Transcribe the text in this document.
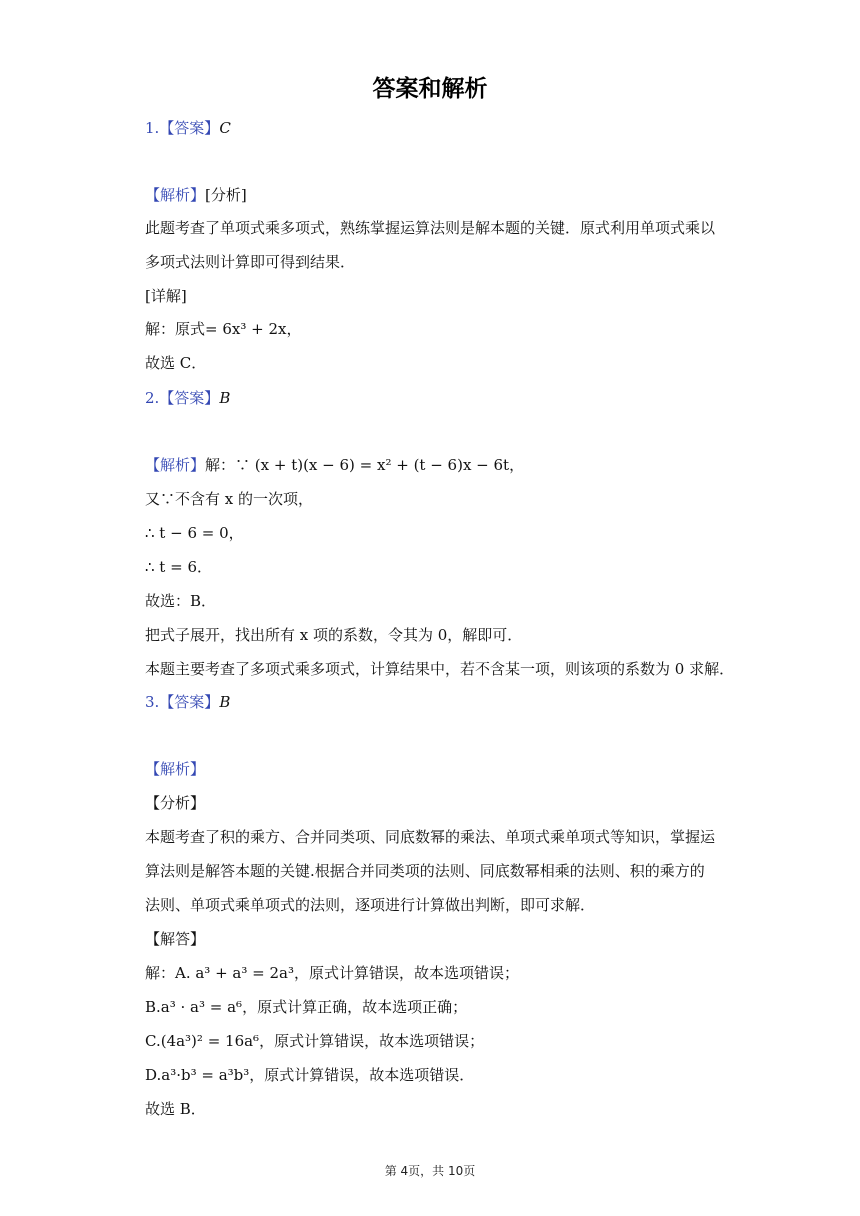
答案和解析
1.【答案】C
【解析】[分析]
此题考查了单项式乘多项式，熟练掌握运算法则是解本题的关键．原式利用单项式乘以
多项式法则计算即可得到结果．
[详解]
解：原式= 6x³ + 2x，
故选 C．
2.【答案】B
【解析】解：∵ (x + t)(x − 6) = x² + (t − 6)x − 6t，
又∵不含有 x 的一次项，
∴ t − 6 = 0，
∴ t = 6．
故选：B．
把式子展开，找出所有 x 项的系数，令其为 0，解即可．
本题主要考查了多项式乘多项式，计算结果中，若不含某一项，则该项的系数为 0 求解．
3.【答案】B
【解析】
【分析】
本题考查了积的乘方、合并同类项、同底数幂的乘法、单项式乘单项式等知识，掌握运
算法则是解答本题的关键.根据合并同类项的法则、同底数幂相乘的法则、积的乘方的
法则、单项式乘单项式的法则，逐项进行计算做出判断，即可求解．
【解答】
解：A. a³ + a³ = 2a³，原式计算错误，故本选项错误；
B.a³ · a³ = a⁶，原式计算正确，故本选项正确；
C.(4a³)² = 16a⁶，原式计算错误，故本选项错误；
D.a³·b³ = a³b³，原式计算错误，故本选项错误．
故选 B．
第 4页，共 10页
